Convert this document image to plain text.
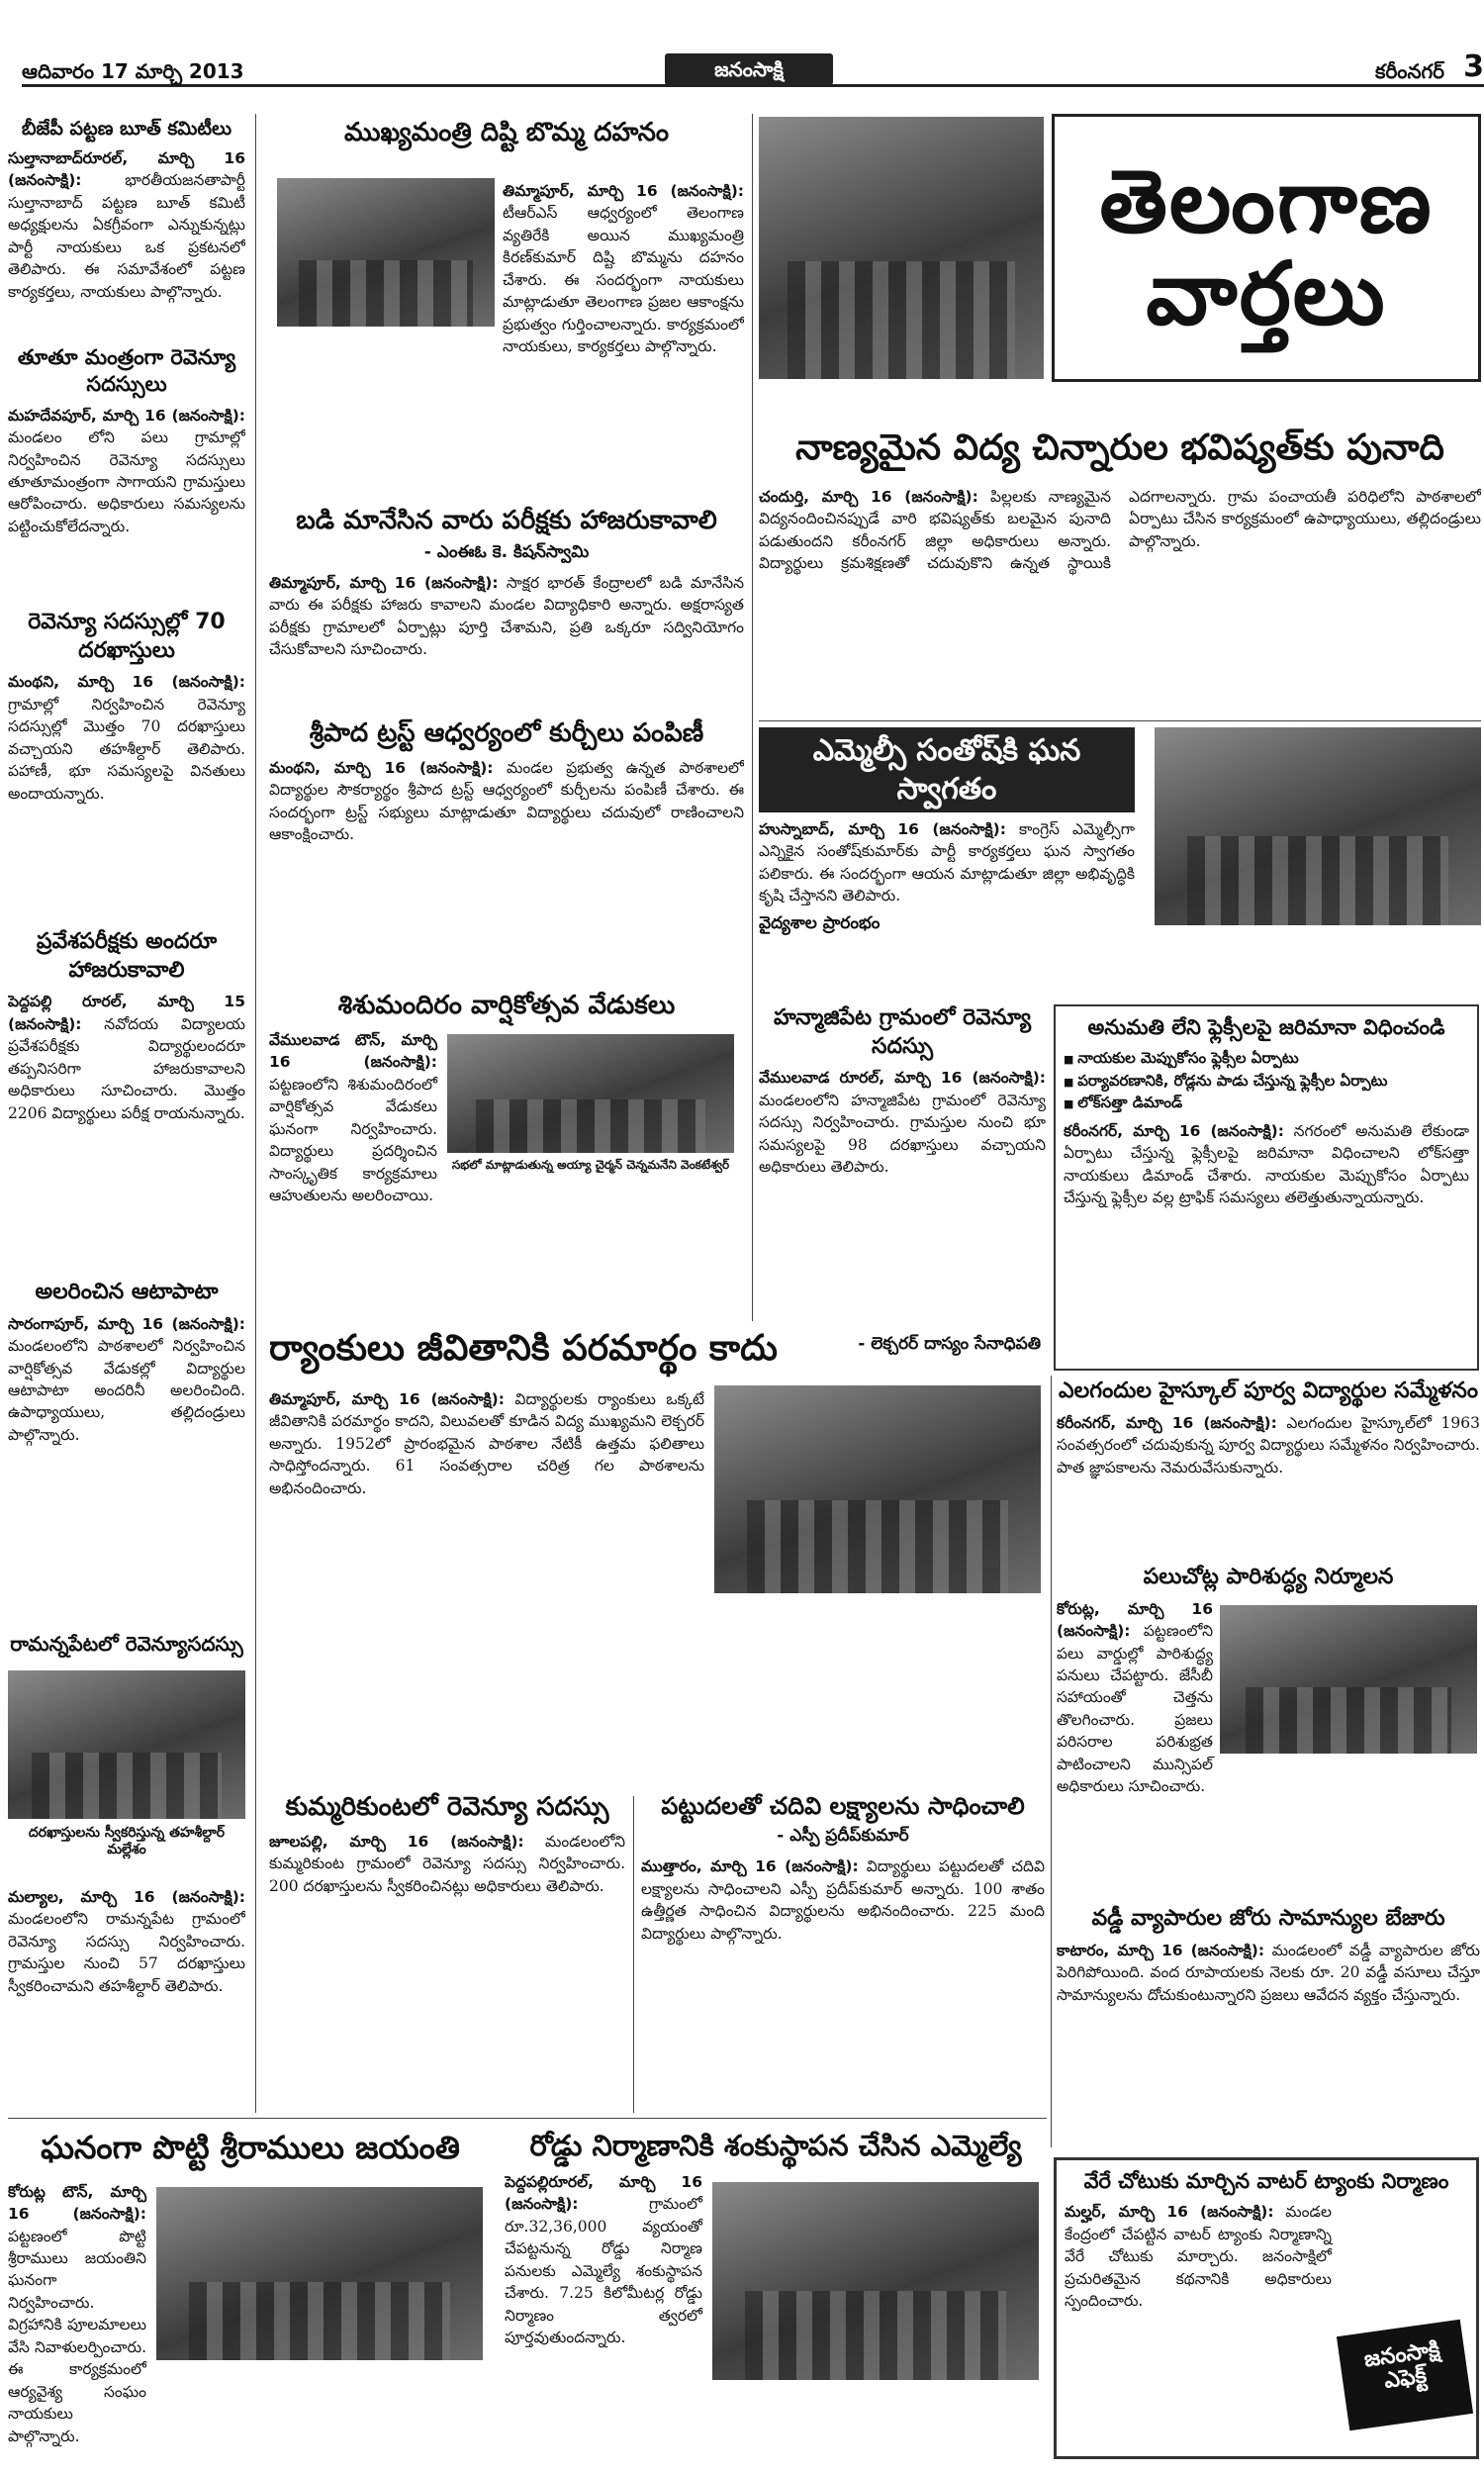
ఆదివారం 17 మార్చి 2013	జనంసాక్షి	కరీంనగర్ 3
బీజేపీ పట్టణ బూత్ కమిటీలు
సుల్తానాబాద్‌రూరల్‌, మార్చి 16 (జనంసాక్షి):	భారతీయజనతాపార్టీ సుల్తానాబాద్ పట్టణ బూత్ కమిటీ అధ్యక్షులను ఏకగ్రీవంగా ఎన్నుకున్నట్లు పార్టీ నాయకులు ఒక ప్రకటనలో తెలిపారు. ఈ సమావేశంలో పట్టణ కార్యకర్తలు, నాయకులు పాల్గొన్నారు.
తూతూ మంత్రంగా రెవెన్యూ సదస్సులు
మహదేవపూర్‌, మార్చి 16 (జనంసాక్షి): మండలం లోని పలు గ్రామాల్లో నిర్వహించిన రెవెన్యూ సదస్సులు తూతూమంత్రంగా సాగాయని గ్రామస్తులు ఆరోపించారు. అధికారులు సమస్యలను పట్టించుకోలేదన్నారు.
రెవెన్యూ సదస్సుల్లో 70 దరఖాస్తులు
మంథని, మార్చి 16 (జనంసాక్షి): గ్రామాల్లో నిర్వహించిన రెవెన్యూ సదస్సుల్లో మొత్తం 70 దరఖాస్తులు వచ్చాయని తహశీల్దార్ తెలిపారు. పహాణీ, భూ సమస్యలపై వినతులు అందాయన్నారు.
ప్రవేశపరీక్షకు అందరూ హాజరుకావాలి
పెద్దపల్లి రూరల్‌, మార్చి 15 (జనంసాక్షి): నవోదయ విద్యాలయ ప్రవేశపరీక్షకు విద్యార్థులందరూ తప్పనిసరిగా హాజరుకావాలని అధికారులు సూచించారు. మొత్తం 2206 విద్యార్థులు పరీక్ష రాయనున్నారు.
అలరించిన ఆటాపాటా
సారంగాపూర్‌, మార్చి 16 (జనంసాక్షి): మండలంలోని పాఠశాలలో నిర్వహించిన వార్షికోత్సవ వేడుకల్లో విద్యార్థుల ఆటాపాటా అందరినీ అలరించింది. ఉపాధ్యాయులు, తల్లిదండ్రులు పాల్గొన్నారు.
రామన్నపేటలో రెవెన్యూసదస్సు
దరఖాస్తులను స్వీకరిస్తున్న తహశీల్దార్ మల్లేశం
మల్యాల, మార్చి 16 (జనంసాక్షి): మండలంలోని రామన్నపేట గ్రామంలో రెవెన్యూ సదస్సు నిర్వహించారు. గ్రామస్తుల నుంచి 57 దరఖాస్తులు స్వీకరించామని తహశీల్దార్ తెలిపారు.
ముఖ్యమంత్రి దిష్టి బొమ్మ దహనం
తిమ్మాపూర్‌, మార్చి 16 (జనంసాక్షి): టీఆర్‌ఎస్ ఆధ్వర్యంలో తెలంగాణ వ్యతిరేకి అయిన ముఖ్యమంత్రి కిరణ్‌కుమార్ దిష్టి బొమ్మను దహనం చేశారు. ఈ సందర్భంగా నాయకులు మాట్లాడుతూ తెలంగాణ ప్రజల ఆకాంక్షను ప్రభుత్వం గుర్తించాలన్నారు. కార్యక్రమంలో నాయకులు, కార్యకర్తలు పాల్గొన్నారు.
బడి మానేసిన వారు పరీక్షకు హాజరుకావాలి
- ఎంఈఓ కె. కిషన్‌స్వామి
తిమ్మాపూర్‌, మార్చి 16 (జనంసాక్షి): సాక్షర భారత్ కేంద్రాలలో బడి మానేసిన వారు ఈ పరీక్షకు హాజరు కావాలని మండల విద్యాధికారి అన్నారు. అక్షరాస్యత పరీక్షకు గ్రామాలలో ఏర్పాట్లు పూర్తి చేశామని, ప్రతి ఒక్కరూ సద్వినియోగం చేసుకోవాలని సూచించారు.
శ్రీపాద ట్రస్ట్ ఆధ్వర్యంలో కుర్చీలు పంపిణీ
మంథని, మార్చి 16 (జనంసాక్షి): మండల ప్రభుత్వ ఉన్నత పాఠశాలలో విద్యార్థుల సౌకర్యార్థం శ్రీపాద ట్రస్ట్ ఆధ్వర్యంలో కుర్చీలను పంపిణీ చేశారు. ఈ సందర్భంగా ట్రస్ట్ సభ్యులు మాట్లాడుతూ విద్యార్థులు చదువులో రాణించాలని ఆకాంక్షించారు.
శిశుమందిరం వార్షికోత్సవ వేడుకలు
సభలో మాట్లాడుతున్న అయ్యా చైర్మన్ చెన్నమనేని వెంకటేశ్వర్
వేములవాడ టౌన్‌, మార్చి 16 (జనంసాక్షి): పట్టణంలోని శిశుమందిరంలో వార్షికోత్సవ వేడుకలు ఘనంగా నిర్వహించారు. విద్యార్థులు ప్రదర్శించిన సాంస్కృతిక కార్యక్రమాలు ఆహుతులను అలరించాయి.
తెలంగాణ
వార్తలు
నాణ్యమైన విద్య చిన్నారుల భవిష్యత్‌కు పునాది
చందుర్తి, మార్చి 16 (జనంసాక్షి): పిల్లలకు నాణ్యమైన విద్యనందించినప్పుడే వారి భవిష్యత్‌కు బలమైన పునాది పడుతుందని కరీంనగర్ జిల్లా అధికారులు అన్నారు. విద్యార్థులు క్రమశిక్షణతో చదువుకొని ఉన్నత స్థాయికి ఎదగాలన్నారు. గ్రామ పంచాయతీ పరిధిలోని పాఠశాలలో ఏర్పాటు చేసిన కార్యక్రమంలో ఉపాధ్యాయులు, తల్లిదండ్రులు పాల్గొన్నారు.
ఎమ్మెల్సీ సంతోష్‌కి ఘన స్వాగతం
హుస్నాబాద్‌, మార్చి 16 (జనంసాక్షి): కాంగ్రెస్ ఎమ్మెల్సీగా ఎన్నికైన సంతోష్‌కుమార్‌కు పార్టీ కార్యకర్తలు ఘన స్వాగతం పలికారు. ఈ సందర్భంగా ఆయన మాట్లాడుతూ జిల్లా అభివృద్ధికి కృషి చేస్తానని తెలిపారు.
వైద్యశాల ప్రారంభం
హన్మాజిపేట గ్రామంలో రెవెన్యూ సదస్సు
వేములవాడ రూరల్‌, మార్చి 16 (జనంసాక్షి): మండలంలోని హన్మాజిపేట గ్రామంలో రెవెన్యూ సదస్సు నిర్వహించారు. గ్రామస్తుల నుంచి భూ సమస్యలపై 98 దరఖాస్తులు వచ్చాయని అధికారులు తెలిపారు.
అనుమతి లేని ఫ్లెక్సీలపై జరిమానా విధించండి
■ నాయకుల మెప్పుకోసం ఫ్లెక్సీల ఏర్పాటు
■ పర్యావరణానికి, రోడ్లను పాడు చేస్తున్న ఫ్లెక్సీల ఏర్పాటు
■ లోక్‌సత్తా డిమాండ్
కరీంనగర్‌, మార్చి 16 (జనంసాక్షి): నగరంలో అనుమతి లేకుండా ఏర్పాటు చేస్తున్న ఫ్లెక్సీలపై జరిమానా విధించాలని లోక్‌సత్తా నాయకులు డిమాండ్ చేశారు. నాయకుల మెప్పుకోసం ఏర్పాటు చేస్తున్న ఫ్లెక్సీల వల్ల ట్రాఫిక్ సమస్యలు తలెత్తుతున్నాయన్నారు.
ర్యాంకులు జీవితానికి పరమార్థం కాదు	- లెక్చరర్ దాస్యం సేనాధిపతి
తిమ్మాపూర్‌, మార్చి 16 (జనంసాక్షి): విద్యార్థులకు ర్యాంకులు ఒక్కటే జీవితానికి పరమార్థం కాదని, విలువలతో కూడిన విద్య ముఖ్యమని లెక్చరర్ అన్నారు. 1952లో ప్రారంభమైన పాఠశాల నేటికీ ఉత్తమ ఫలితాలు సాధిస్తోందన్నారు. 61 సంవత్సరాల చరిత్ర గల పాఠశాలను అభినందించారు.
ఎలగందుల హైస్కూల్ పూర్వ విద్యార్థుల సమ్మేళనం
కరీంనగర్‌, మార్చి 16 (జనంసాక్షి): ఎలగందుల హైస్కూల్‌లో 1963 సంవత్సరంలో చదువుకున్న పూర్వ విద్యార్థులు సమ్మేళనం నిర్వహించారు. పాత జ్ఞాపకాలను నెమరువేసుకున్నారు.
పలుచోట్ల పారిశుద్ధ్య నిర్మూలన
కోరుట్ల, మార్చి 16 (జనంసాక్షి): పట్టణంలోని పలు వార్డుల్లో పారిశుద్ధ్య పనులు చేపట్టారు. జేసీబీ సహాయంతో చెత్తను తొలగించారు. ప్రజలు పరిసరాల పరిశుభ్రత పాటించాలని మున్సిపల్ అధికారులు సూచించారు.
వడ్డీ వ్యాపారుల జోరు సామాన్యుల బేజారు
కాటారం, మార్చి 16 (జనంసాక్షి): మండలంలో వడ్డీ వ్యాపారుల జోరు పెరిగిపోయింది. వంద రూపాయలకు నెలకు రూ. 20 వడ్డీ వసూలు చేస్తూ సామాన్యులను దోచుకుంటున్నారని ప్రజలు ఆవేదన వ్యక్తం చేస్తున్నారు.
కుమ్మరికుంటలో రెవెన్యూ సదస్సు
జూలపల్లి, మార్చి 16 (జనంసాక్షి): మండలంలోని కుమ్మరికుంట గ్రామంలో రెవెన్యూ సదస్సు నిర్వహించారు. 200 దరఖాస్తులను స్వీకరించినట్లు అధికారులు తెలిపారు.
పట్టుదలతో చదివి లక్ష్యాలను సాధించాలి
- ఎస్పీ ప్రదీప్‌కుమార్
ముత్తారం, మార్చి 16 (జనంసాక్షి): విద్యార్థులు పట్టుదలతో చదివి లక్ష్యాలను సాధించాలని ఎస్పీ ప్రదీప్‌కుమార్ అన్నారు. 100 శాతం ఉత్తీర్ణత సాధించిన విద్యార్థులను అభినందించారు. 225 మంది విద్యార్థులు పాల్గొన్నారు.
ఘనంగా పొట్టి శ్రీరాములు జయంతి
కోరుట్ల టౌన్‌, మార్చి 16 (జనంసాక్షి): పట్టణంలో పొట్టి శ్రీరాములు జయంతిని ఘనంగా నిర్వహించారు. విగ్రహానికి పూలమాలలు వేసి నివాళులర్పించారు. ఈ కార్యక్రమంలో ఆర్యవైశ్య సంఘం నాయకులు పాల్గొన్నారు.
రోడ్డు నిర్మాణానికి శంకుస్థాపన చేసిన ఎమ్మెల్యే
పెద్దపల్లిరూరల్‌, మార్చి 16 (జనంసాక్షి):	గ్రామంలో రూ.32,36,000 వ్యయంతో చేపట్టనున్న రోడ్డు నిర్మాణ పనులకు ఎమ్మెల్యే శంకుస్థాపన చేశారు. 7.25 కిలోమీటర్ల రోడ్డు నిర్మాణం త్వరలో పూర్తవుతుందన్నారు.
వేరే చోటుకు మార్చిన వాటర్ ట్యాంకు నిర్మాణం
మల్హర్‌, మార్చి 16 (జనంసాక్షి): మండల కేంద్రంలో చేపట్టిన వాటర్ ట్యాంకు నిర్మాణాన్ని వేరే చోటుకు మార్చారు. జనంసాక్షిలో ప్రచురితమైన కథనానికి అధికారులు స్పందించారు.
జనంసాక్షి ఎఫెక్ట్
